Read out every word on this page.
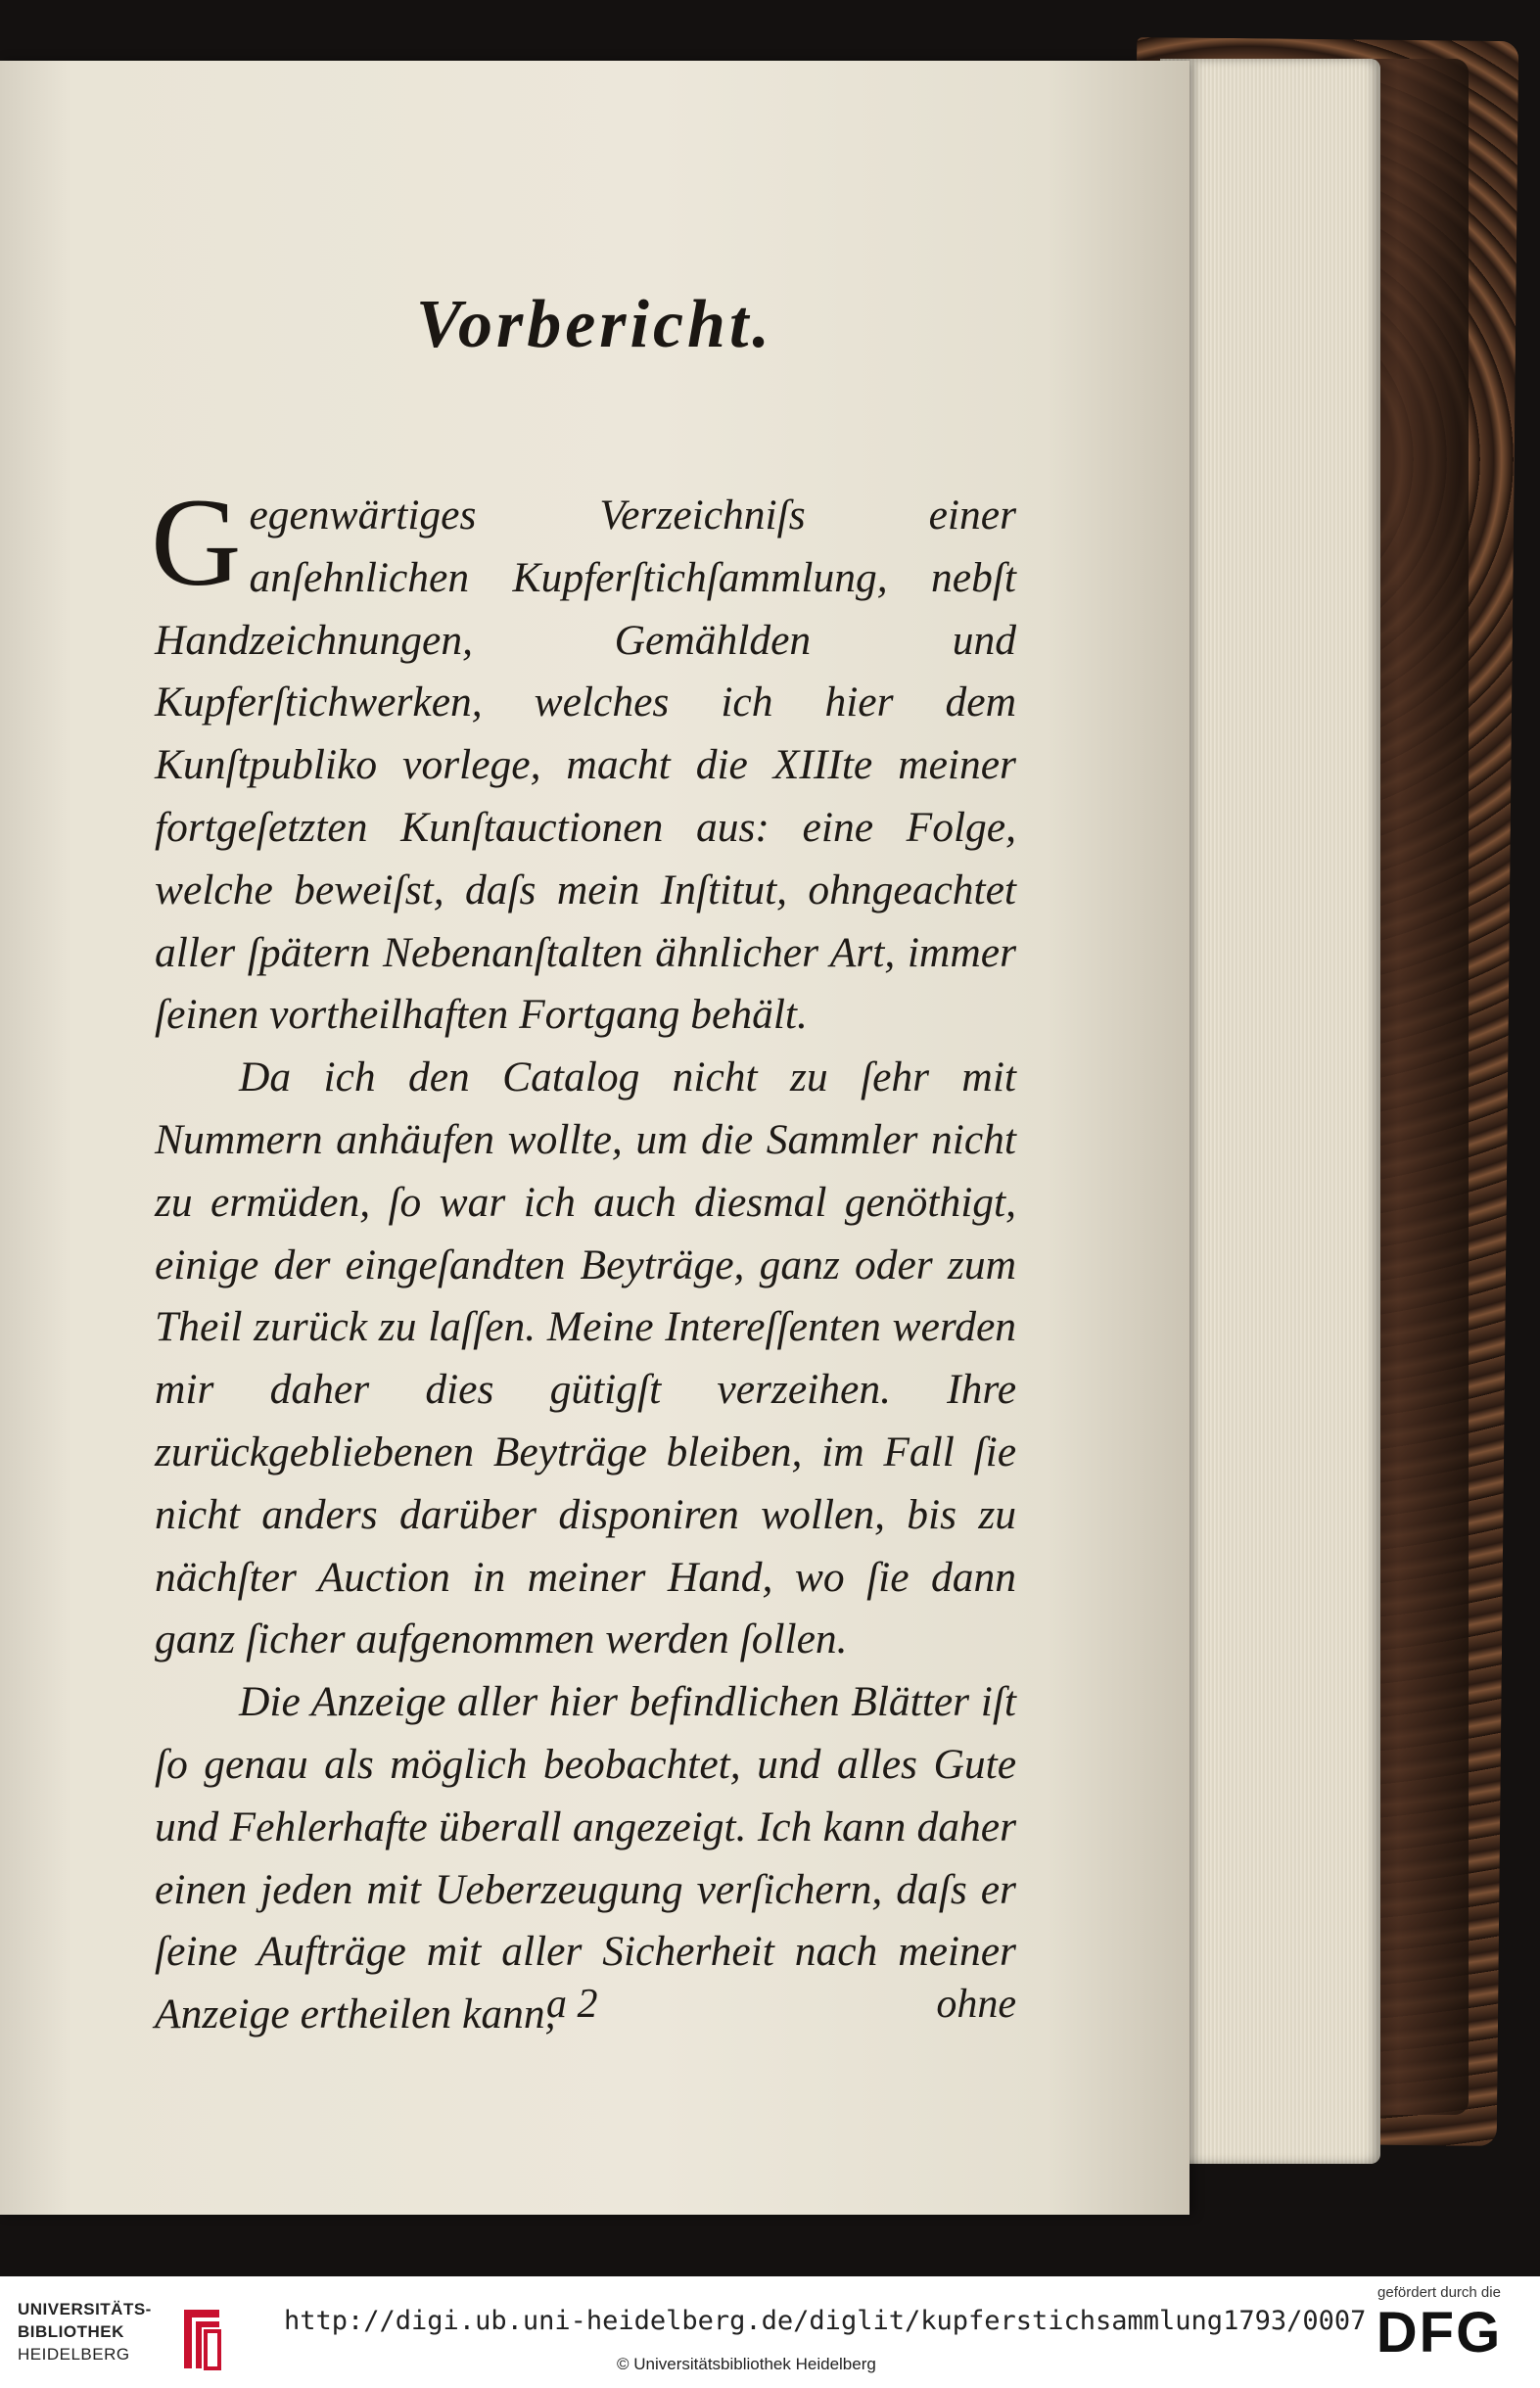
Vorbericht.

Gegenwärtiges Verzeichniſs einer anſehnlichen Kupferſtichſammlung, nebſt Handzeichnungen, Gemählden und Kupferſtichwerken, welches ich hier dem Kunſtpubliko vorlege, macht die XIIIte meiner fortgeſetzten Kunſtauctionen aus: eine Folge, welche beweiſst, daſs mein Inſtitut, ohngeachtet aller ſpätern Nebenanſtalten ähnlicher Art, immer ſeinen vortheilhaften Fortgang behält.

Da ich den Catalog nicht zu ſehr mit Nummern anhäufen wollte, um die Sammler nicht zu ermüden, ſo war ich auch diesmal genöthigt, einige der eingeſandten Beyträge, ganz oder zum Theil zurück zu laſſen. Meine Intereſſenten werden mir daher dies gütigſt verzeihen. Ihre zurückgebliebenen Beyträge bleiben, im Fall ſie nicht anders darüber disponiren wollen, bis zu nächſter Auction in meiner Hand, wo ſie dann ganz ſicher aufgenommen werden ſollen.

Die Anzeige aller hier befindlichen Blätter iſt ſo genau als möglich beobachtet, und alles Gute und Fehlerhafte überall angezeigt. Ich kann daher einen jeden mit Ueberzeugung verſichern, daſs er ſeine Aufträge mit aller Sicherheit nach meiner Anzeige ertheilen kann,

a 2	ohne
UNIVERSITÄTS-
BIBLIOTHEK
HEIDELBERG
http://digi.ub.uni-heidelberg.de/diglit/kupferstichsammlung1793/0007
© Universitätsbibliothek Heidelberg
gefördert durch die
DFG
